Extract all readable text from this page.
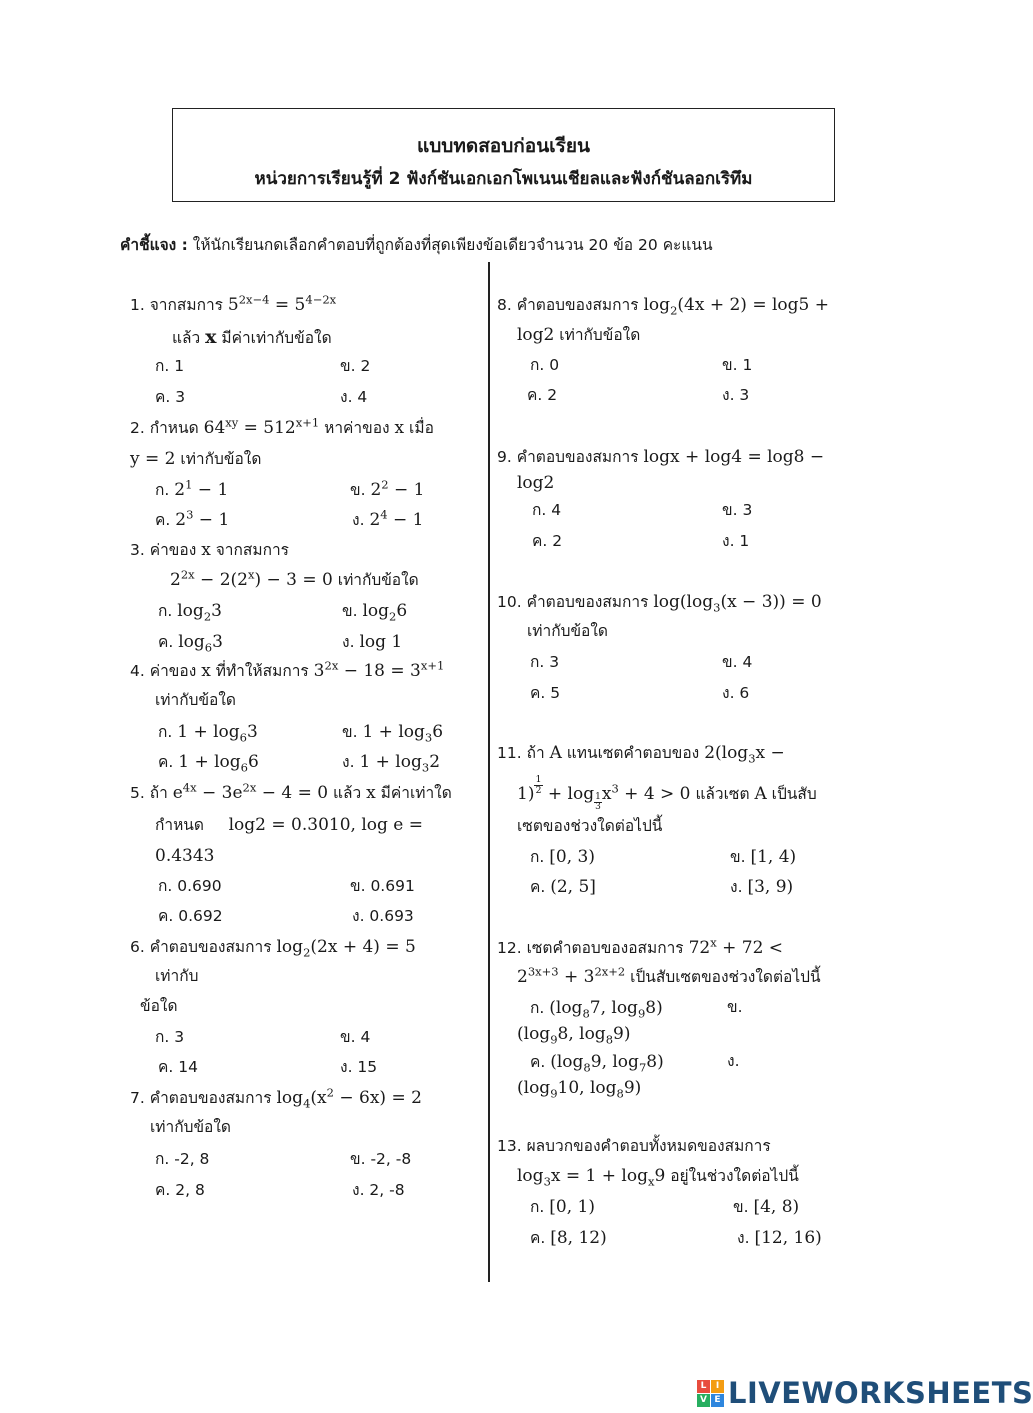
แบบทดสอบก่อนเรียน
หน่วยการเรียนรู้ที่ 2 ฟังก์ชันเอกเอกโพเนนเชียลและฟังก์ชันลอกเริทึม
คำชี้แจง : ให้นักเรียนกดเลือกคำตอบที่ถูกต้องที่สุดเพียงข้อเดียวจำนวน 20 ข้อ 20 คะแนน
1. จากสมการ $5^{2x-4} = 5^{4-2x}$
แล้ว x มีค่าเท่ากับข้อใด
ก. 1	ข. 2
ค. 3	ง. 4
2. กำหนด $64^{xy} = 512^{x+1}$ หาค่าของ x เมื่อ
y = 2 เท่ากับข้อใด
ก. $2^1 - 1$	ข. $2^2 - 1$
ค. $2^3 - 1$	ง. $2^4 - 1$
3. ค่าของ x จากสมการ
$2^{2x} - 2(2^x) - 3 = 0$ เท่ากับข้อใด
ก. $\log_23$	ข. $\log_26$
ค. $\log_63$	ง. log 1
4. ค่าของ x ที่ทำให้สมการ $3^{2x} - 18 = 3^{x+1}$
เท่ากับข้อใด
ก. $1 + \log_63$	ข. $1 + \log_36$
ค. $1 + \log_66$	ง. $1 + \log_32$
5. ถ้า $e^{4x} - 3e^{2x} - 4 = 0$ แล้ว x มีค่าเท่าใด
กำหนด log2 = 0.3010, log e =
0.4343
ก. 0.690	ข. 0.691
ค. 0.692	ง. 0.693
6. คำตอบของสมการ $\log_2(2x + 4) = 5$
เท่ากับ
ข้อใด
ก. 3	ข. 4
ค. 14	ง. 15
7. คำตอบของสมการ $\log_4(x^2 - 6x) = 2$
เท่ากับข้อใด
ก. -2, 8	ข. -2, -8
ค. 2, 8	ง. 2, -8
8. คำตอบของสมการ $\log_2(4x + 2) = \log 5$ +
log2 เท่ากับข้อใด
ก. 0	ข. 1
ค. 2	ง. 3
9. คำตอบของสมการ logx + log4 = log8 −
log2
ก. 4	ข. 3
ค. 2	ง. 1
10. คำตอบของสมการ $\log(\log_3(x - 3)) = 0$
เท่ากับข้อใด
ก. 3	ข. 4
ค. 5	ง. 6
11. ถ้า A แทนเซตคำตอบของ $2(\log_3x$ −
$1) \frac{1}{2} + \log \frac{1}{3} x^3 + 4 > 0$ แล้วเซต A เป็นสับ
เซตของช่วงใดต่อไปนี้
ก. [0, 3)	ข. [1, 4)
ค. (2, 5]	ง. [3, 9)
12. เซตคำตอบของอสมการ $72^x + 72$ <
$2^{3x+3} + 3^{2x+2}$ เป็นสับเซตของช่วงใดต่อไปนี้
ก. ($\log_87$, $\log_98$)	ข.
($\log_98$, $\log_89$)
ค. ($\log_89$, $\log_78$)	ง.
($\log_910$, $\log_89$)
13. ผลบวกของคำตอบทั้งหมดของสมการ
$\log_3x = 1 + \log_x9$ อยู่ในช่วงใดต่อไปนี้
ก. [0, 1)	ข. [4, 8)
ค. [8, 12)	ง. [12, 16)
L	I
V E LIVEWORKSHEETS
